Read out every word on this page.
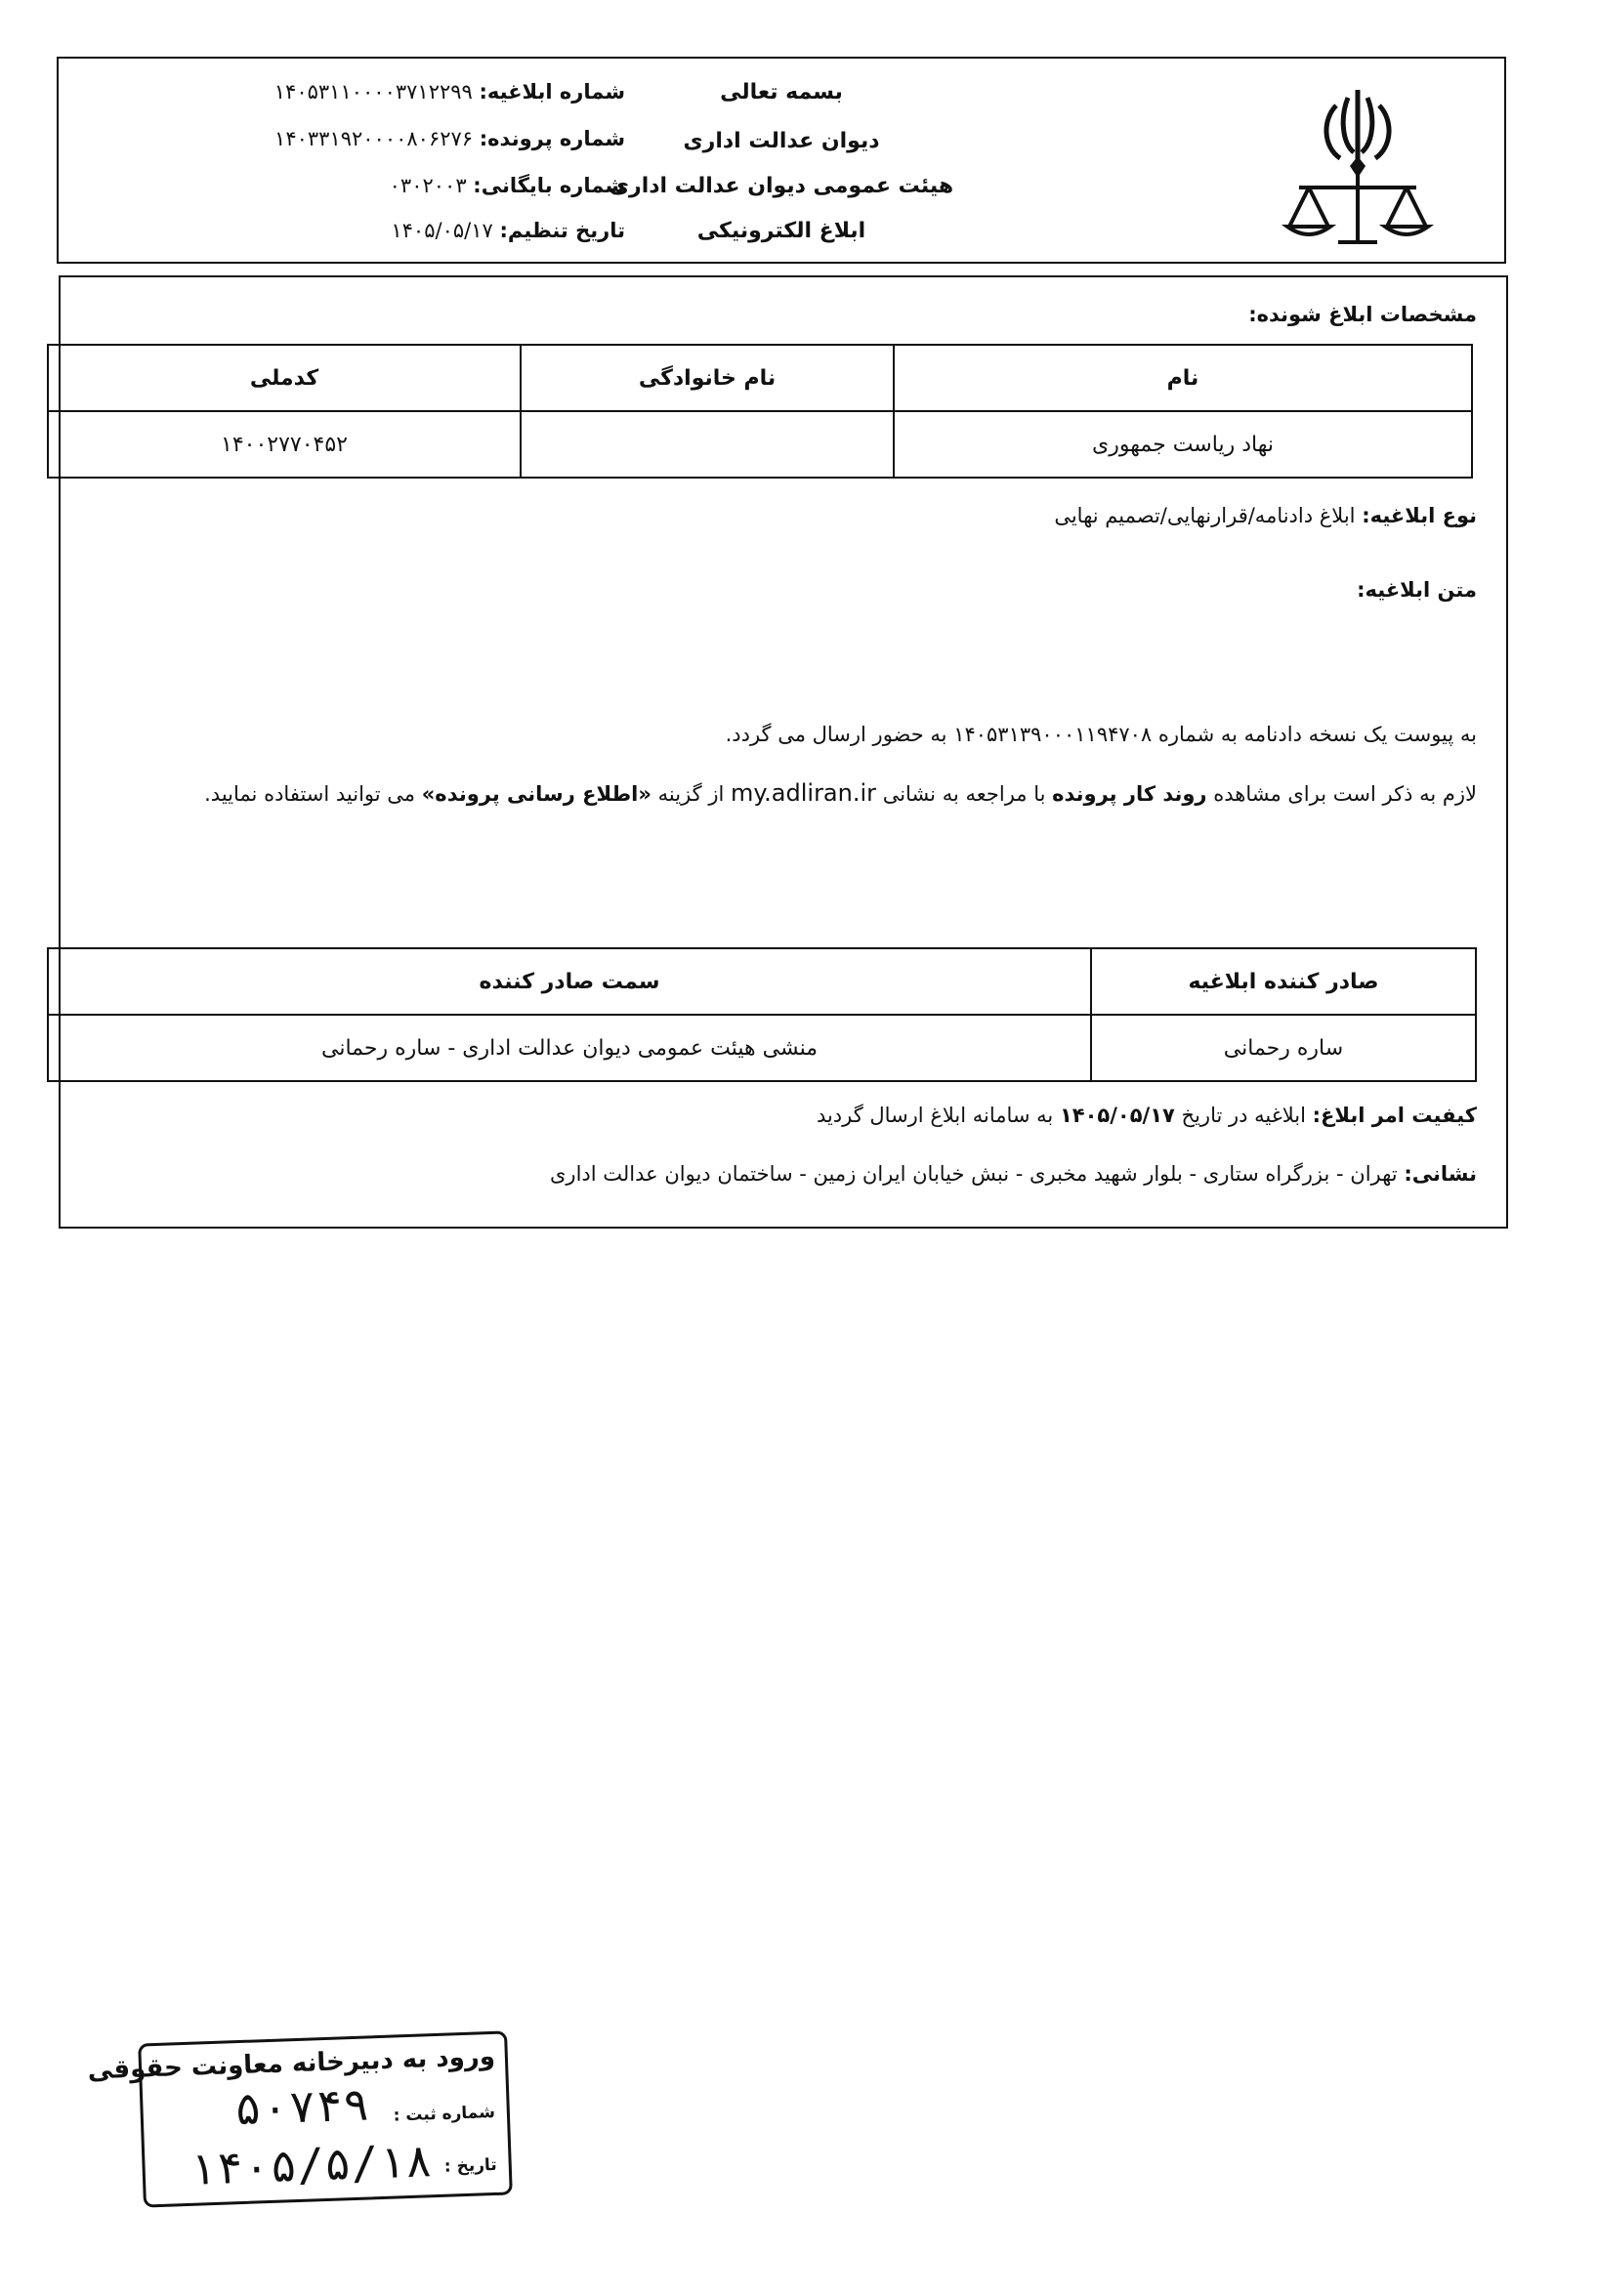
بسمه تعالی
دیوان عدالت اداری
هیئت عمومی دیوان عدالت اداری
ابلاغ الکترونیکی
شماره ابلاغیه: ۱۴۰۵۳۱۱۰۰۰۰۳۷۱۲۲۹۹
شماره پرونده: ۱۴۰۳۳۱۹۲۰۰۰۰۸۰۶۲۷۶
شماره بایگانی: ۰۳۰۲۰۰۳
تاریخ تنظیم: ۱۴۰۵/۰۵/۱۷
مشخصات ابلاغ شونده:
نام	نام خانوادگی	کدملی
نهاد ریاست جمهوری		۱۴۰۰۲۷۷۰۴۵۲
نوع ابلاغیه: ابلاغ دادنامه/قرارنهایی/تصمیم نهایی
متن ابلاغیه:
به پیوست یک نسخه دادنامه به شماره ۱۴۰۵۳۱۳۹۰۰۰۱۱۹۴۷۰۸ به حضور ارسال می گردد.
لازم به ذکر است برای مشاهده روند کار پرونده با مراجعه به نشانی my.adliran.ir از گزینه «اطلاع رسانی پرونده» می توانید استفاده نمایید.
صادر کننده ابلاغیه	سمت صادر کننده
ساره رحمانی	منشی هیئت عمومی دیوان عدالت اداری - ساره رحمانی
کیفیت امر ابلاغ: ابلاغیه در تاریخ ۱۴۰۵/۰۵/۱۷ به سامانه ابلاغ ارسال گردید
نشانی: تهران - بزرگراه ستاری - بلوار شهید مخبری - نبش خیابان ایران زمین - ساختمان دیوان عدالت اداری
ورود به دبیرخانه معاونت حقوقی
شماره ثبت :
۵۰۷۴۹
تاریخ :
۱۴۰۵/۵/۱۸
